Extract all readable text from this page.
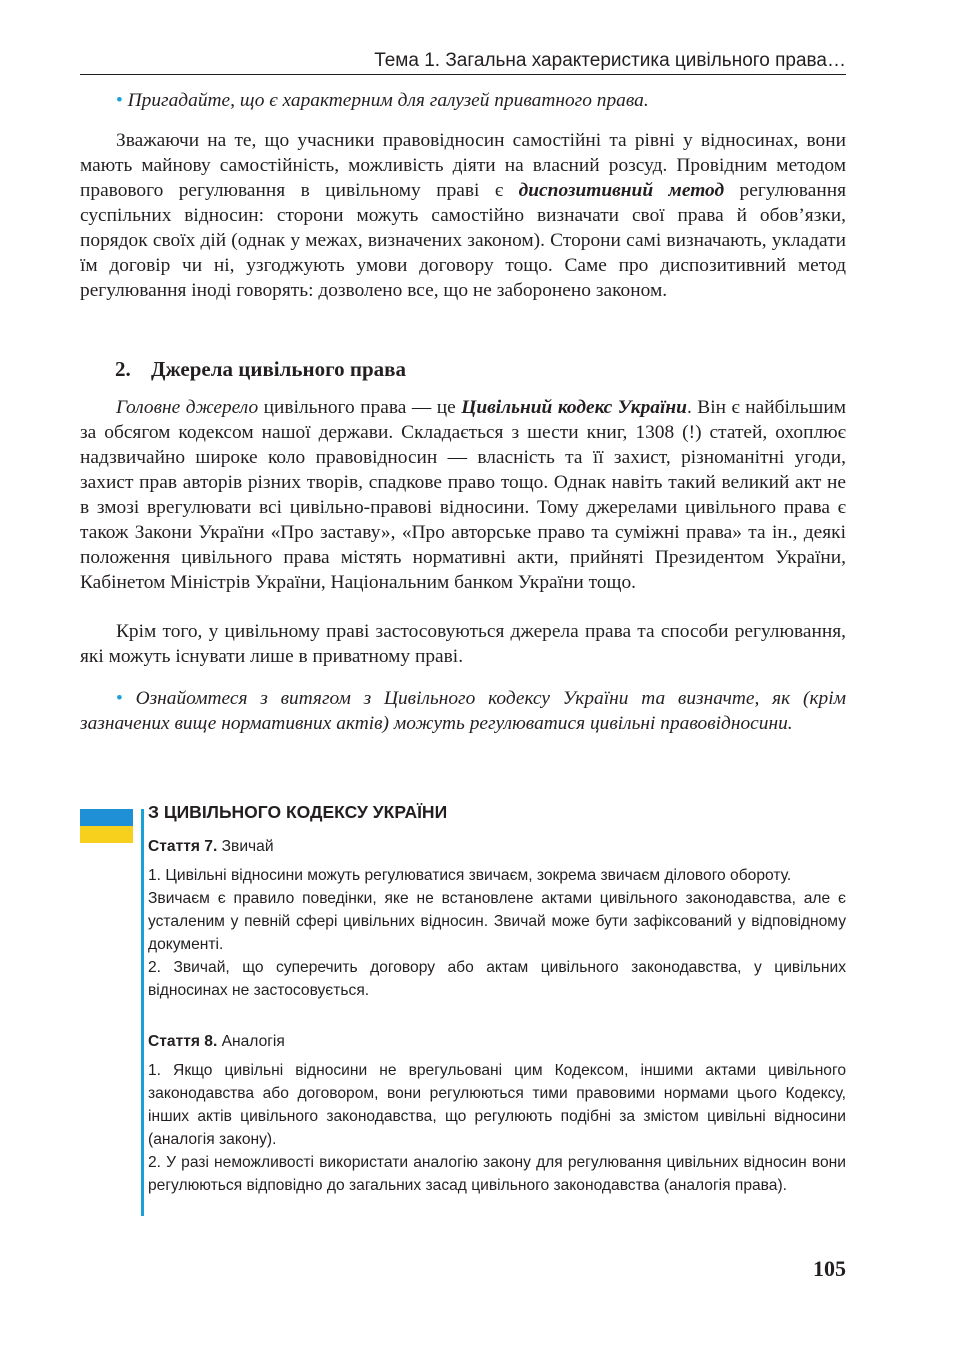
Тема 1. Загальна характеристика цивільного права…

• Пригадайте, що є характерним для галузей приватного права.

Зважаючи на те, що учасники правовідносин самостійні та рівні у відносинах, вони мають майнову самостійність, можливість діяти на власний розсуд. Провідним методом правового регулювання в цивільному праві є диспозитивний метод регулювання суспільних відносин: сторони можуть самостійно визначати свої права й обов’язки, порядок своїх дій (однак у межах, визначених законом). Сторони самі визначають, укладати їм договір чи ні, узгоджують умови договору тощо. Саме про диспозитивний метод регулювання іноді говорять: дозволено все, що не заборонено законом.

2. Джерела цивільного права

Головне джерело цивільного права — це Цивільний кодекс України. Він є найбільшим за обсягом кодексом нашої держави. Складається з шести книг, 1308 (!) статей, охоплює надзвичайно широке коло правовідносин — власність та її захист, різноманітні угоди, захист прав авторів різних творів, спадкове право тощо. Однак навіть такий великий акт не в змозі врегулювати всі цивільно-правові відносини. Тому джерелами цивільного права є також Закони України «Про заставу», «Про авторське право та суміжні права» та ін., деякі положення цивільного права містять нормативні акти, прийняті Президентом України, Кабінетом Міністрів України, Національним банком України тощо.

Крім того, у цивільному праві застосовуються джерела права та способи регулювання, які можуть існувати лише в приватному праві.

• Ознайомтеся з витягом з Цивільного кодексу України та визначте, як (крім зазначених вище нормативних актів) можуть регулюватися цивільні правовідносини.

З ЦИВІЛЬНОГО КОДЕКСУ УКРАЇНИ
Стаття 7. Звичай
1. Цивільні відносини можуть регулюватися звичаєм, зокрема звичаєм ділового обороту.
Звичаєм є правило поведінки, яке не встановлене актами цивільного законодавства, але є усталеним у певній сфері цивільних відносин. Звичай може бути зафіксований у відповідному документі.
2. Звичай, що суперечить договору або актам цивільного законодавства, у цивільних відносинах не застосовується.
Стаття 8. Аналогія
1. Якщо цивільні відносини не врегульовані цим Кодексом, іншими актами цивільного законодавства або договором, вони регулюються тими правовими нормами цього Кодексу, інших актів цивільного законодавства, що регулюють подібні за змістом цивільні відносини (аналогія закону).
2. У разі неможливості використати аналогію закону для регулювання цивільних відносин вони регулюються відповідно до загальних засад цивільного законодавства (аналогія права).
105
